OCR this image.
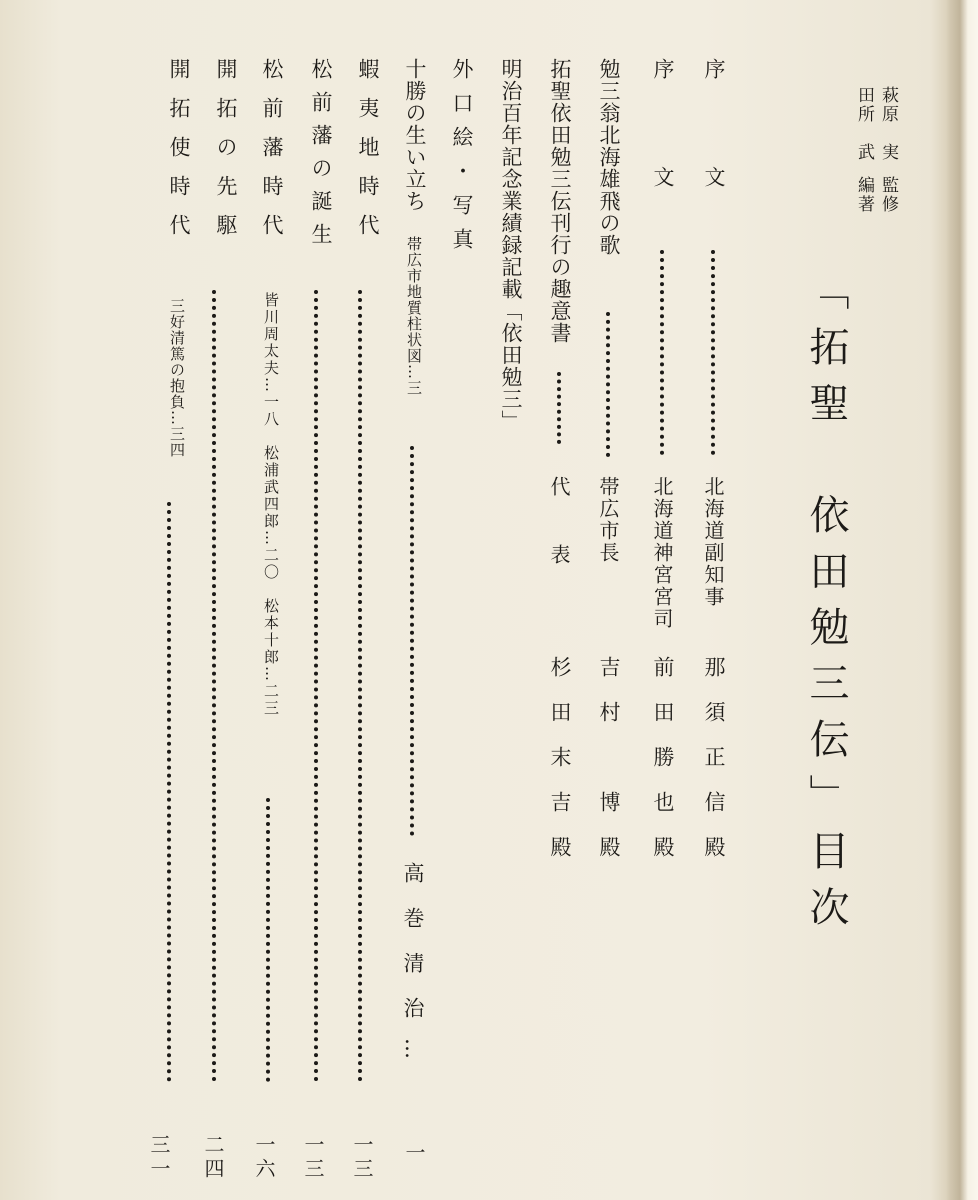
萩原　実
監修
田所　武
編著
「拓聖　依田勉三伝」目次
序　　　文
北海道副知事
那須正信殿
序　　　文
北海道神宮宮司
前田勝也殿
勉三翁北海雄飛の歌
帯広市長
吉村　博殿
拓聖依田勉三伝刊行の趣意書
代　表
杉田末吉殿
明治百年記念業績録記載「依田勉三」
外口絵・写真
十勝の生い立ち
帯広市地質柱状図…三
高巻清治
…
一
蝦夷地時代
一三
松前藩の誕生
一三
松前藩時代
皆川周太夫…一八　松浦武四郎…二〇　松本十郎…二三
一六
開拓の先駆
二四
開拓使時代
三好清篤の抱負…三四
三一
